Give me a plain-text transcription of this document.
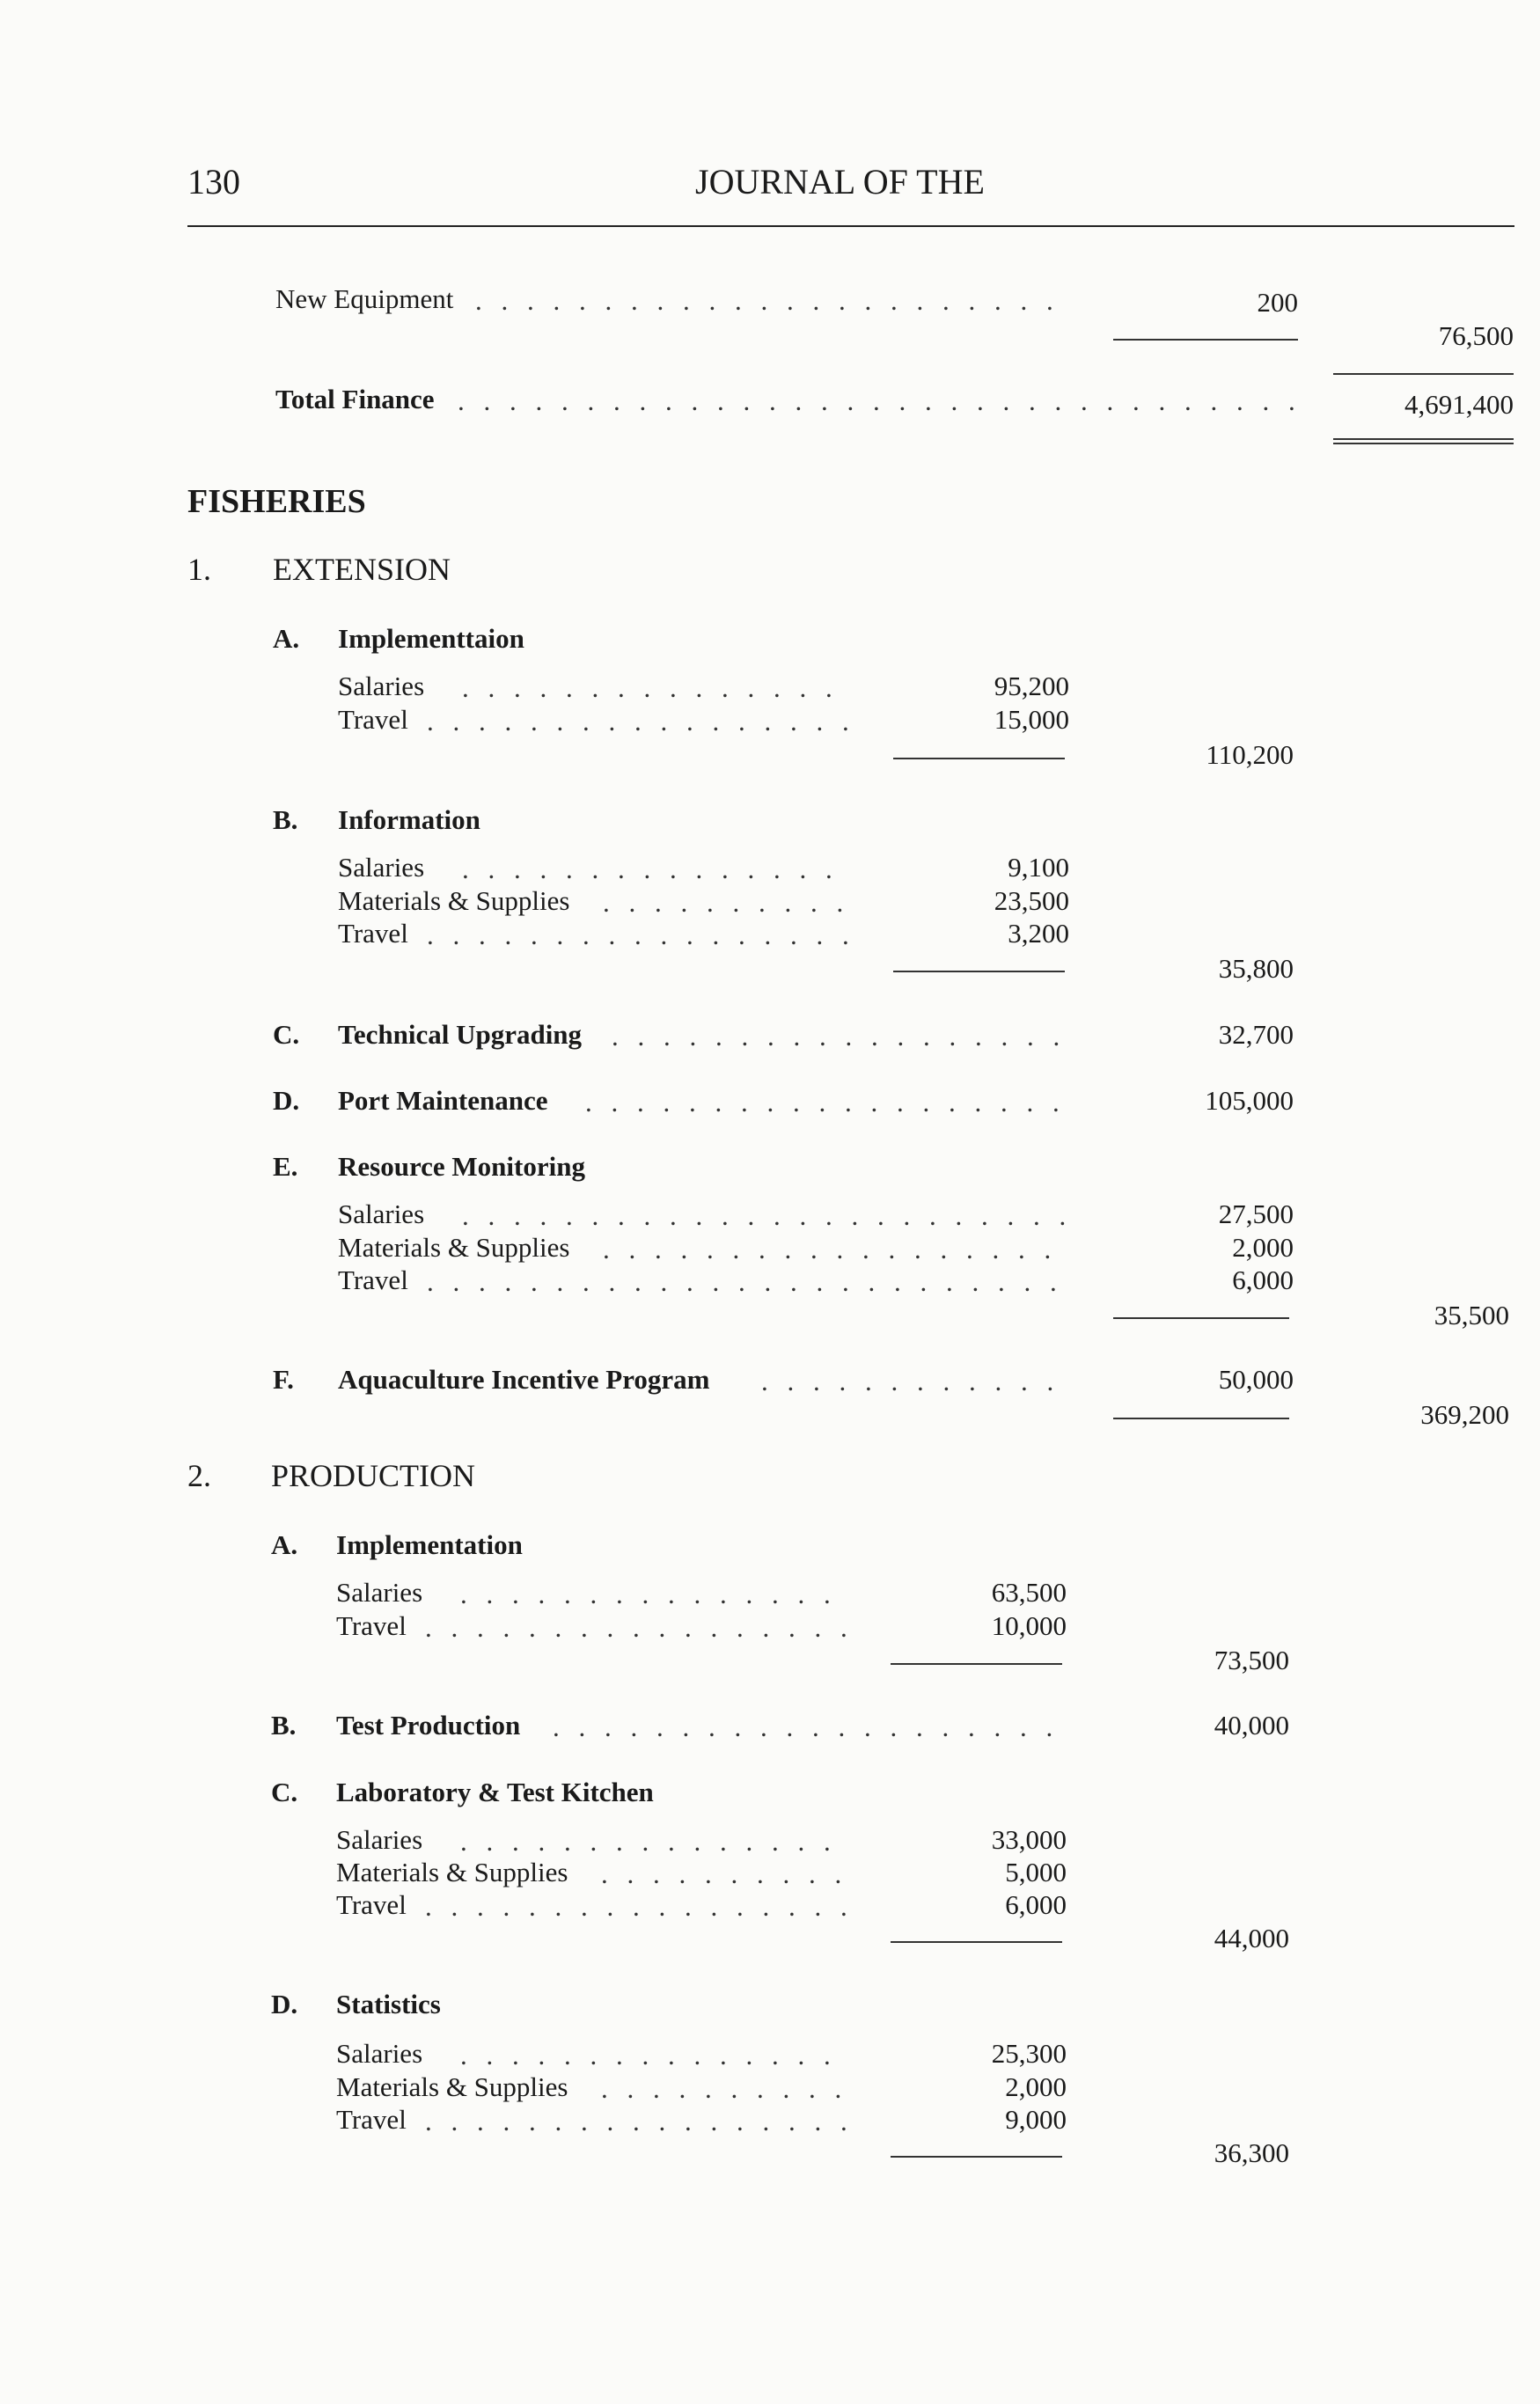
130	JOURNAL OF THE
New Equipment . . .	200
76,500
Total Finance . . .	4,691,400
FISHERIES
1. EXTENSION
A. Implementtaion
Salaries . . .	95,200
Travel . . .	15,000
110,200
B. Information
Salaries . . .	9,100
Materials & Supplies . . .	23,500
Travel . . .	3,200
35,800
C. Technical Upgrading . . .	32,700
D. Port Maintenance . . .	105,000
E. Resource Monitoring
Salaries . . .	27,500
Materials & Supplies . . .	2,000
Travel . . .	6,000
35,500
F. Aquaculture Incentive Program . . .	50,000
369,200
2. PRODUCTION
A. Implementation
Salaries . . .	63,500
Travel . . .	10,000
73,500
B. Test Production . . .	40,000
C. Laboratory & Test Kitchen
Salaries . . .	33,000
Materials & Supplies . . .	5,000
Travel . . .	6,000
44,000
D. Statistics
Salaries . . .	25,300
Materials & Supplies . . .	2,000
Travel . . .	9,000
36,300
